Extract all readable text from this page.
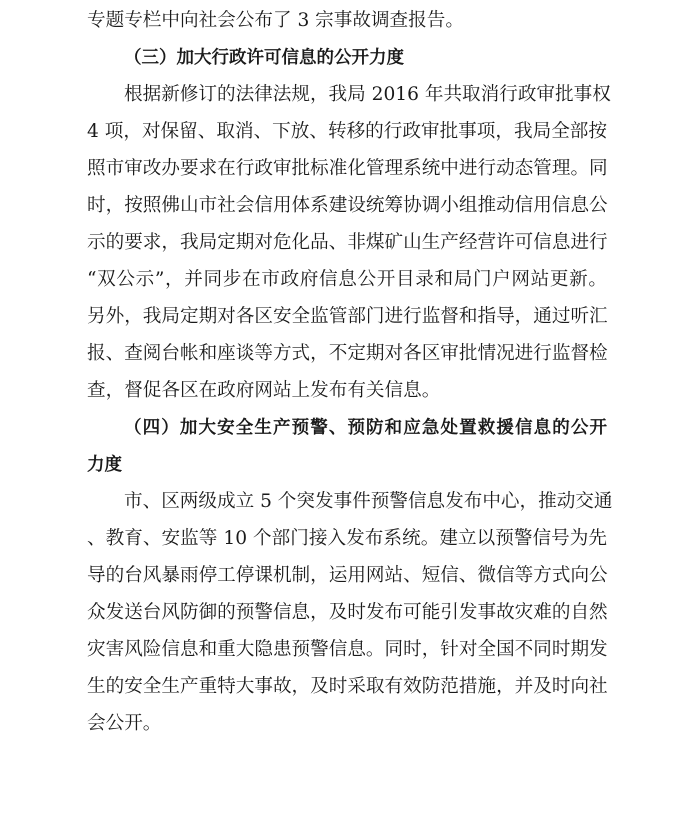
专题专栏中向社会公布了 3 宗事故调查报告。
（三）加大行政许可信息的公开力度
根据新修订的法律法规，我局 2016 年共取消行政审批事权
4 项，对保留、取消、下放、转移的行政审批事项，我局全部按
照市审改办要求在行政审批标准化管理系统中进行动态管理。同
时，按照佛山市社会信用体系建设统筹协调小组推动信用信息公
示的要求，我局定期对危化品、非煤矿山生产经营许可信息进行
“双公示”，并同步在市政府信息公开目录和局门户网站更新。
另外，我局定期对各区安全监管部门进行监督和指导，通过听汇
报、查阅台帐和座谈等方式，不定期对各区审批情况进行监督检
查，督促各区在政府网站上发布有关信息。
（四）加大安全生产预警、预防和应急处置救援信息的公开
力度
市、区两级成立 5 个突发事件预警信息发布中心，推动交通
、教育、安监等 10 个部门接入发布系统。建立以预警信号为先
导的台风暴雨停工停课机制，运用网站、短信、微信等方式向公
众发送台风防御的预警信息，及时发布可能引发事故灾难的自然
灾害风险信息和重大隐患预警信息。同时，针对全国不同时期发
生的安全生产重特大事故，及时采取有效防范措施，并及时向社
会公开。
